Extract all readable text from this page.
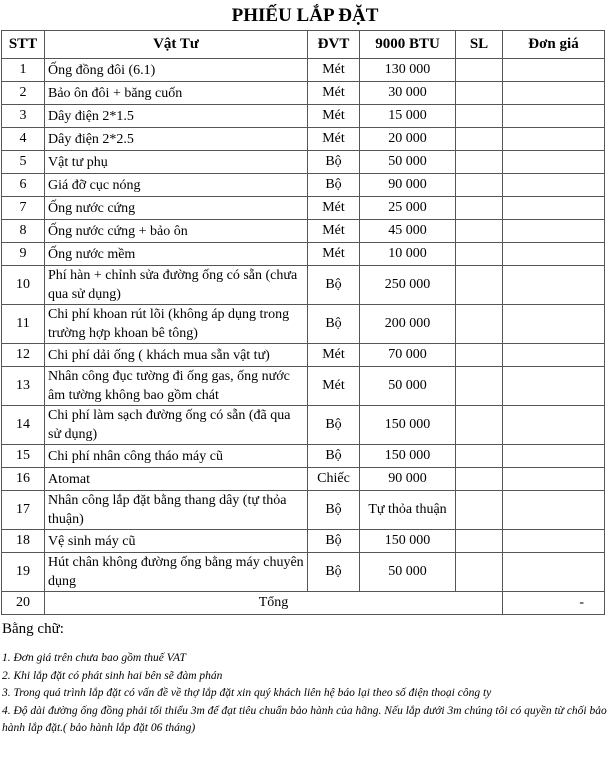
PHIẾU LẮP ĐẶT
STT	Vật Tư	ĐVT	9000 BTU	SL	Đơn giá
1	Ống đồng đôi (6.1)	Mét	130 000		
2	Bảo ôn đôi + băng cuốn	Mét	30 000		
3	Dây điện 2*1.5	Mét	15 000		
4	Dây điện 2*2.5	Mét	20 000		
5	Vật tư phụ	Bộ	50 000		
6	Giá đỡ cục nóng	Bộ	90 000		
7	Ống nước cứng	Mét	25 000		
8	Ống nước cứng + bảo ôn	Mét	45 000		
9	Ống nước mềm	Mét	10 000		
10	Phí hàn + chỉnh sửa đường ống có sẵn (chưa qua sử dụng)	Bộ	250 000		
11	Chi phí khoan rút lõi (không áp dụng trong trường hợp khoan bê tông)	Bộ	200 000		
12	Chi phí dải ống ( khách mua sẵn vật tư)	Mét	70 000		
13	Nhân công đục tường đi ống gas, ống nước âm tường không bao gồm chát	Mét	50 000		
14	Chi phí làm sạch đường ống có sẵn (đã qua sử dụng)	Bộ	150 000		
15	Chi phí nhân công tháo máy cũ	Bộ	150 000		
16	Atomat	Chiếc	90 000		
17	Nhân công lắp đặt bằng thang dây (tự thỏa thuận)	Bộ	Tự thỏa thuận		
18	Vệ sinh máy cũ	Bộ	150 000		
19	Hút chân không đường ống bằng máy chuyên dụng	Bộ	50 000		
20	Tổng				-
Bằng chữ:
1. Đơn giá trên chưa bao gồm thuế VAT
2. Khi lắp đặt có phát sinh hai bên sẽ đàm phán
3. Trong quá trình lắp đặt có vấn đề về thợ lắp đặt xin quý khách liên hệ báo lại theo số điện thoại công ty
4. Độ dài đường ống đồng phải tối thiểu 3m để đạt tiêu chuẩn bảo hành của hãng. Nếu lắp dưới 3m chúng tôi có quyền từ chối bảo hành lắp đặt.( bảo hành lắp đặt 06 tháng)
